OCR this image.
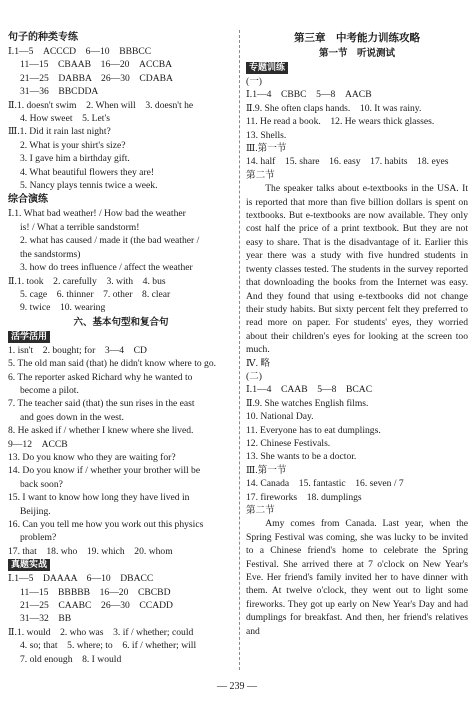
句子的种类专练
Ⅰ.1—5　ACCCD　6—10　BBBCC
11—15　CBAAB　16—20　ACCBA
21—25　DABBA　26—30　CDABA
31—36　BBCDDA
Ⅱ.1. doesn't swim　2. When will　3. doesn't he
4. How sweet　5. Let's
Ⅲ.1. Did it rain last night?
2. What is your shirt's size?
3. I gave him a birthday gift.
4. What beautiful flowers they are!
5. Nancy plays tennis twice a week.
综合演练
Ⅰ.1. What bad weather! / How bad the weather
is! / What a terrible sandstorm!
2. what has caused / made it (the bad weather /
the sandstorms)
3. how do trees influence / affect the weather
Ⅱ.1. took　2. carefully　3. with　4. bus
5. cage　6. thinner　7. other　8. clear
9. twice　10. wearing
六、基本句型和复合句
活学活用
1. isn't　2. bought; for　3—4　CD
5. The old man said (that) he didn't know where to go.
6. The reporter asked Richard why he wanted to
become a pilot.
7. The teacher said (that) the sun rises in the east
and goes down in the west.
8. He asked if / whether I knew where she lived.
9—12　ACCB
13. Do you know who they are waiting for?
14. Do you know if / whether your brother will be
back soon?
15. I want to know how long they have lived in
Beijing.
16. Can you tell me how you work out this physics
problem?
17. that　18. who　19. which　20. whom
真题实战
Ⅰ.1—5　DAAAA　6—10　DBACC
11—15　BBBBB　16—20　CBCBD
21—25　CAABC　26—30　CCADD
31—32　BB
Ⅱ.1. would　2. who was　3. if / whether; could
4. so; that　5. where; to　6. if / whether; will
7. old enough　8. I would
第三章　中考能力训练攻略
第一节　听说测试
专题训练
(一)
Ⅰ.1—4　CBBC　5—8　AACB
Ⅱ.9. She often claps hands.　10. It was rainy.
11. He read a book.　12. He wears thick glasses.
13. Shells.
Ⅲ.第一节
14. half　15. share　16. easy　17. habits　18. eyes
第二节
The speaker talks about e-textbooks in the USA. It is reported that more than five billion dollars is spent on textbooks. But e-textbooks are now available. They only cost half the price of a print textbook. But they are not easy to share. That is the disadvantage of it. Earlier this year there was a study with five hundred students in twenty classes tested. The students in the survey reported that downloading the books from the Internet was easy. And they found that using e-textbooks did not change their study habits. But sixty percent felt they preferred to read more on paper. For students' eyes, they worried about their children's eyes for looking at the screen too much.
Ⅳ. 略
(二)
Ⅰ.1—4　CAAB　5—8　BCAC
Ⅱ.9. She watches English films.
10. National Day.
11. Everyone has to eat dumplings.
12. Chinese Festivals.
13. She wants to be a doctor.
Ⅲ.第一节
14. Canada　15. fantastic　16. seven / 7
17. fireworks　18. dumplings
第二节
Amy comes from Canada. Last year, when the Spring Festival was coming, she was lucky to be invited to a Chinese friend's home to celebrate the Spring Festival. She arrived there at 7 o'clock on New Year's Eve. Her friend's family invited her to have dinner with them. At twelve o'clock, they went out to light some fireworks. They got up early on New Year's Day and had dumplings for breakfast. And then, her friend's relatives and
— 239 —
